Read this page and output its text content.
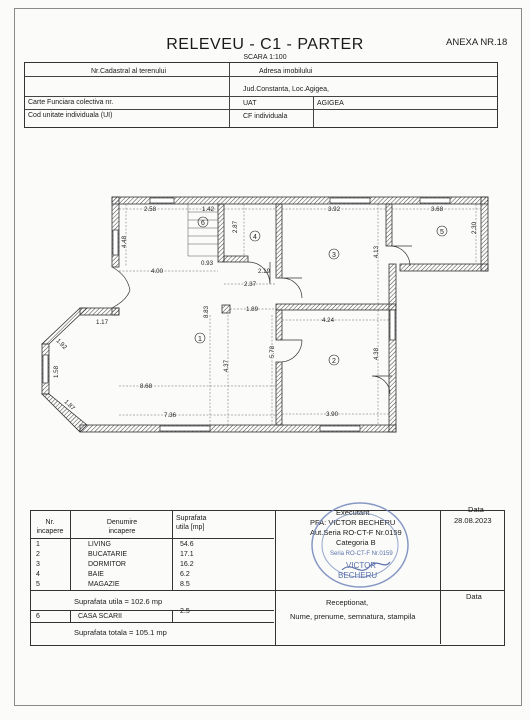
RELEVEU - C1 - PARTER
SCARA 1:100
ANEXA NR.18
Nr.Cadastral al terenului	Adresa imobilului
Jud.Constanta, Loc.Agigea,
Carte Funciara colectiva nr.	UAT	AGIGEA
Cod unitate individuala (UI)	CF individuala
2.58	1.42
4.48
2.87
0.93
4.00	2.19
2.37
3.92
4.13
3.68
2.30
8.83	1.89
4.24
1.17
1.92
5.78
4.37
4.38
1.58
8.68
1.87
7.36	3.90
1
2
3
4
5
6
Nr.
incapere
Denumire
incapere
Suprafata
utila [mp]
1	LIVING	54.6
2	BUCATARIE	17.1
3	DORMITOR	16.2
4	BAIE	6.2
5	MAGAZIE	8.5
Suprafata utila = 102.6 mp
6	CASA SCARII
2.5
Suprafata totala = 105.1 mp
Executant	Data
PFA: VICTOR BECHERU
Aut.Seria RO-CT-F Nr.0159
Categoria B
28.08.2023
Receptionat,
Data
Nume, prenume, semnatura, stampila
Seria RO-CT-F Nr.0159
VICTOR
BECHERU
